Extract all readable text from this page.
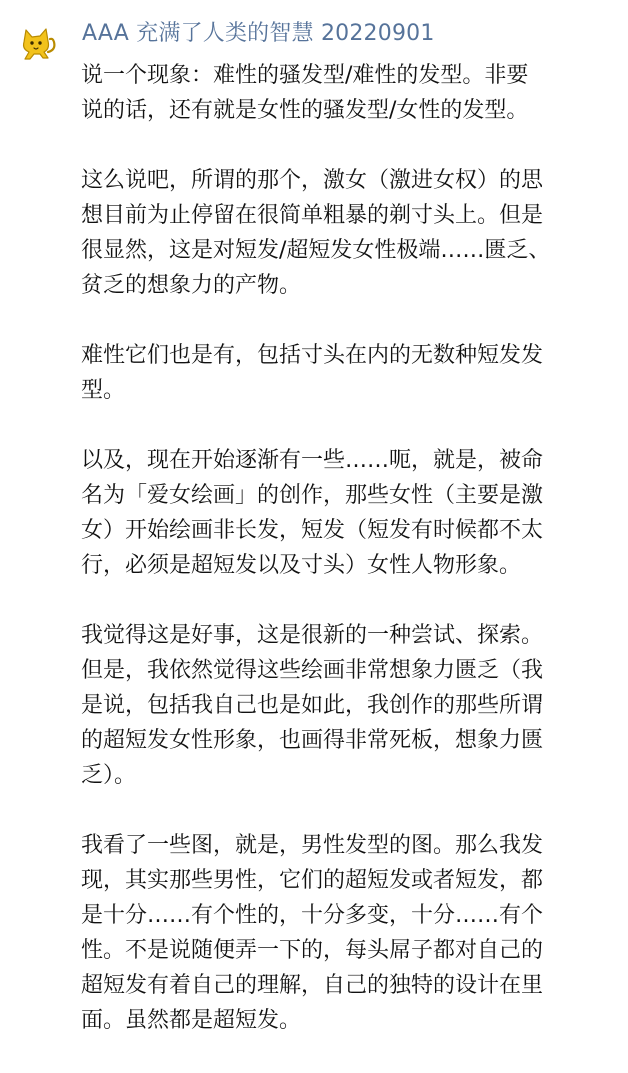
AAA 充满了人类的智慧 20220901
说一个现象：难性的骚发型/难性的发型。非要
说的话，还有就是女性的骚发型/女性的发型。
这么说吧，所谓的那个，激女（激进女权）的思
想目前为止停留在很简单粗暴的剃寸头上。但是
很显然，这是对短发/超短发女性极端……匮乏、
贫乏的想象力的产物。
难性它们也是有，包括寸头在内的无数种短发发
型。
以及，现在开始逐渐有一些……呃，就是，被命
名为「爱女绘画」的创作，那些女性（主要是激
女）开始绘画非长发，短发（短发有时候都不太
行，必须是超短发以及寸头）女性人物形象。
我觉得这是好事，这是很新的一种尝试、探索。
但是，我依然觉得这些绘画非常想象力匮乏（我
是说，包括我自己也是如此，我创作的那些所谓
的超短发女性形象，也画得非常死板，想象力匮
乏）。
我看了一些图，就是，男性发型的图。那么我发
现，其实那些男性，它们的超短发或者短发，都
是十分……有个性的，十分多变，十分……有个
性。不是说随便弄一下的，每头屌子都对自己的
超短发有着自己的理解，自己的独特的设计在里
面。虽然都是超短发。
